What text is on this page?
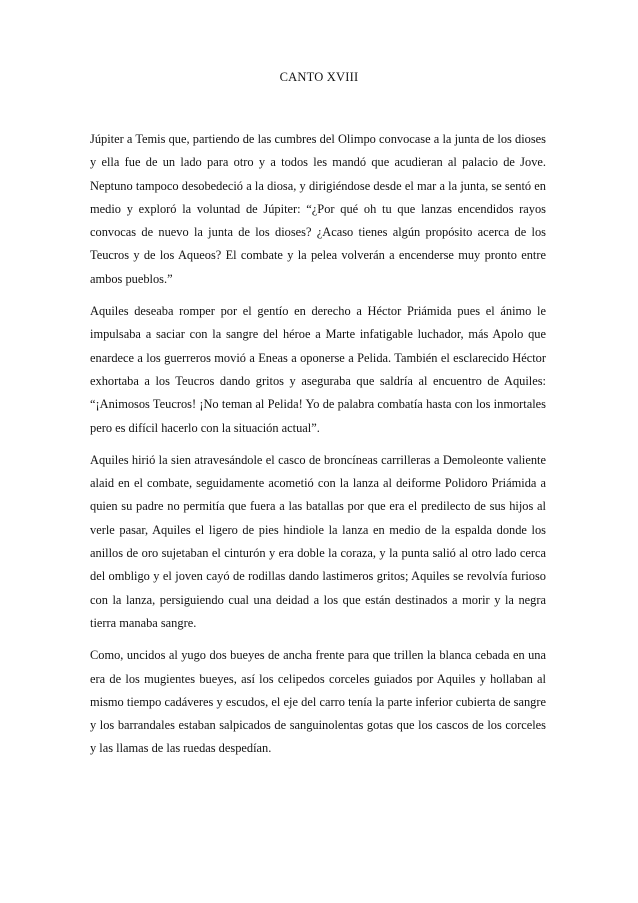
CANTO XVIII

Júpiter a Temis que, partiendo de las cumbres del Olimpo convocase a la junta de los dioses y ella fue de un lado para otro y a todos les mandó que acudieran al palacio de Jove. Neptuno tampoco desobedeció a la diosa, y dirigiéndose desde el mar a la junta, se sentó en medio y exploró la voluntad de Júpiter: “¿Por qué oh tu que lanzas encendidos rayos convocas de nuevo la junta de los dioses? ¿Acaso tienes algún propósito acerca de los Teucros y de los Aqueos? El combate y la pelea volverán a encenderse muy pronto entre ambos pueblos.”

Aquiles deseaba romper por el gentío en derecho a Héctor Priámida pues el ánimo le impulsaba a saciar con la sangre del héroe a Marte infatigable luchador, más Apolo que enardece a los guerreros movió a Eneas a oponerse a Pelida. También el esclarecido Héctor exhortaba a los Teucros dando gritos y aseguraba que saldría al encuentro de Aquiles: “¡Animosos Teucros! ¡No teman al Pelida! Yo de palabra combatía hasta con los inmortales pero es difícil hacerlo con la situación actual”.

Aquiles hirió la sien atravesándole el casco de broncíneas carrilleras a Demoleonte valiente alaid en el combate, seguidamente acometió con la lanza al deiforme Polidoro Priámida a quien su padre no permitía que fuera a las batallas por que era el predilecto de sus hijos al verle pasar, Aquiles el ligero de pies hindiole la lanza en medio de la espalda donde los anillos de oro sujetaban el cinturón y era doble la coraza, y la punta salió al otro lado cerca del ombligo y el joven cayó de rodillas dando lastimeros gritos; Aquiles se revolvía furioso con la lanza, persiguiendo cual una deidad a los que están destinados a morir y la negra tierra manaba sangre.

Como, uncidos al yugo dos bueyes de ancha frente para que trillen la blanca cebada en una era de los mugientes bueyes, así los celipedos corceles guiados por Aquiles y hollaban al mismo tiempo cadáveres y escudos, el eje del carro tenía la parte inferior cubierta de sangre y los barrandales estaban salpicados de sanguinolentas gotas que los cascos de los corceles y las llamas de las ruedas despedían.
